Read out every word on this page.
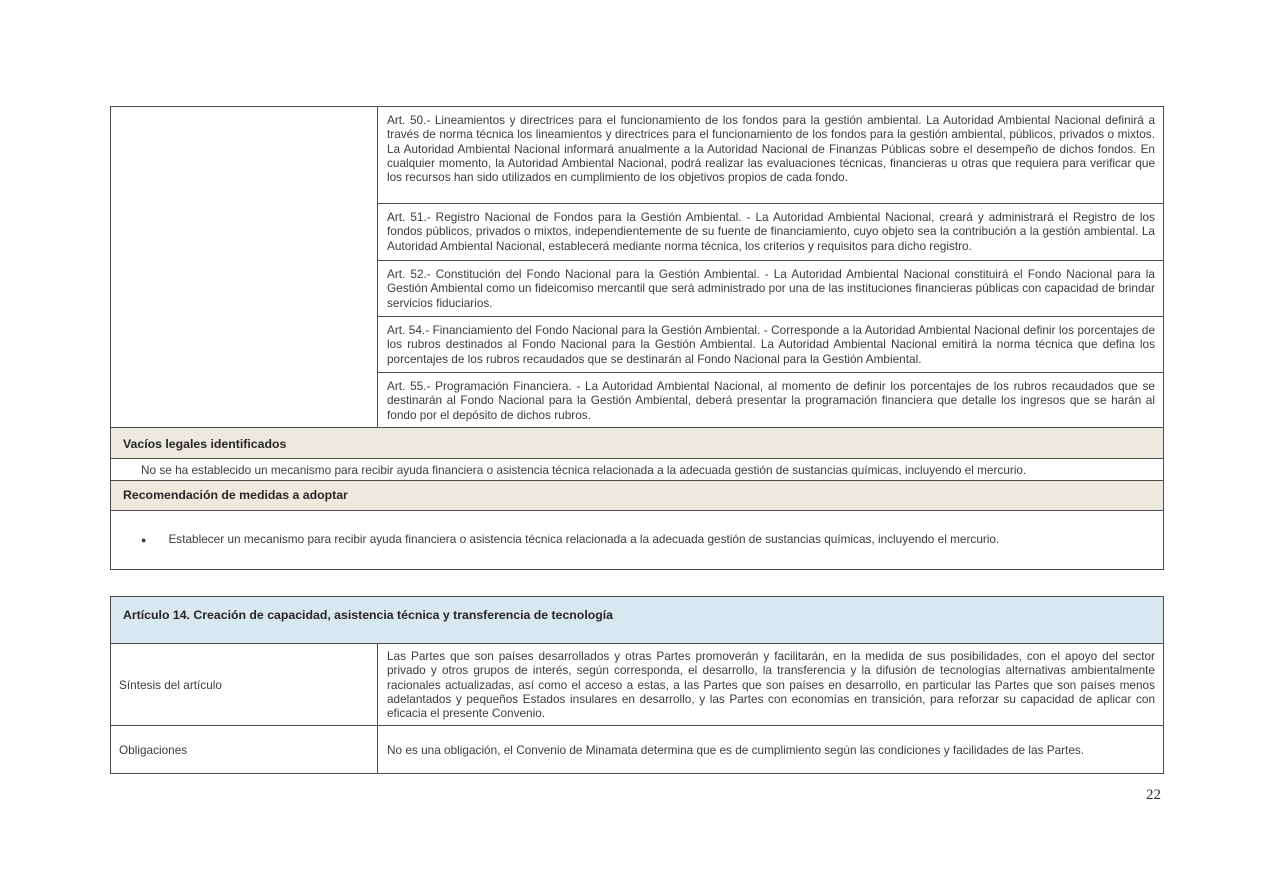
Art. 50.- Lineamientos y directrices para el funcionamiento de los fondos para la gestión ambiental. La Autoridad Ambiental Nacional definirá a través de norma técnica los lineamientos y directrices para el funcionamiento de los fondos para la gestión ambiental, públicos, privados o mixtos. La Autoridad Ambiental Nacional informará anualmente a la Autoridad Nacional de Finanzas Públicas sobre el desempeño de dichos fondos. En cualquier momento, la Autoridad Ambiental Nacional, podrá realizar las evaluaciones técnicas, financieras u otras que requiera para verificar que los recursos han sido utilizados en cumplimiento de los objetivos propios de cada fondo.
Art. 51.- Registro Nacional de Fondos para la Gestión Ambiental. - La Autoridad Ambiental Nacional, creará y administrará el Registro de los fondos públicos, privados o mixtos, independientemente de su fuente de financiamiento, cuyo objeto sea la contribución a la gestión ambiental. La Autoridad Ambiental Nacional, establecerá mediante norma técnica, los criterios y requisitos para dicho registro.
Art. 52.- Constitución del Fondo Nacional para la Gestión Ambiental. - La Autoridad Ambiental Nacional constituirá el Fondo Nacional para la Gestión Ambiental como un fideicomiso mercantil que será administrado por una de las instituciones financieras públicas con capacidad de brindar servicios fiduciarios.
Art. 54.- Financiamiento del Fondo Nacional para la Gestión Ambiental. - Corresponde a la Autoridad Ambiental Nacional definir los porcentajes de los rubros destinados al Fondo Nacional para la Gestión Ambiental. La Autoridad Ambiental Nacional emitirá la norma técnica que defina los porcentajes de los rubros recaudados que se destinarán al Fondo Nacional para la Gestión Ambiental.
Art. 55.- Programación Financiera. - La Autoridad Ambiental Nacional, al momento de definir los porcentajes de los rubros recaudados que se destinarán al Fondo Nacional para la Gestión Ambiental, deberá presentar la programación financiera que detalle los ingresos que se harán al fondo por el depósito de dichos rubros.
Vacíos legales identificados
No se ha establecido un mecanismo para recibir ayuda financiera o asistencia técnica relacionada a la adecuada gestión de sustancias químicas, incluyendo el mercurio.
Recomendación de medidas a adoptar
● Establecer un mecanismo para recibir ayuda financiera o asistencia técnica relacionada a la adecuada gestión de sustancias químicas, incluyendo el mercurio.
Artículo 14. Creación de capacidad, asistencia técnica y transferencia de tecnología
Síntesis del artículo
Las Partes que son países desarrollados y otras Partes promoverán y facilitarán, en la medida de sus posibilidades, con el apoyo del sector privado y otros grupos de interés, según corresponda, el desarrollo, la transferencia y la difusión de tecnologías alternativas ambientalmente racionales actualizadas, así como el acceso a estas, a las Partes que son países en desarrollo, en particular las Partes que son países menos adelantados y pequeños Estados insulares en desarrollo, y las Partes con economías en transición, para reforzar su capacidad de aplicar con eficacia el presente Convenio.
Obligaciones	No es una obligación, el Convenio de Minamata determina que es de cumplimiento según las condiciones y facilidades de las Partes.
22
